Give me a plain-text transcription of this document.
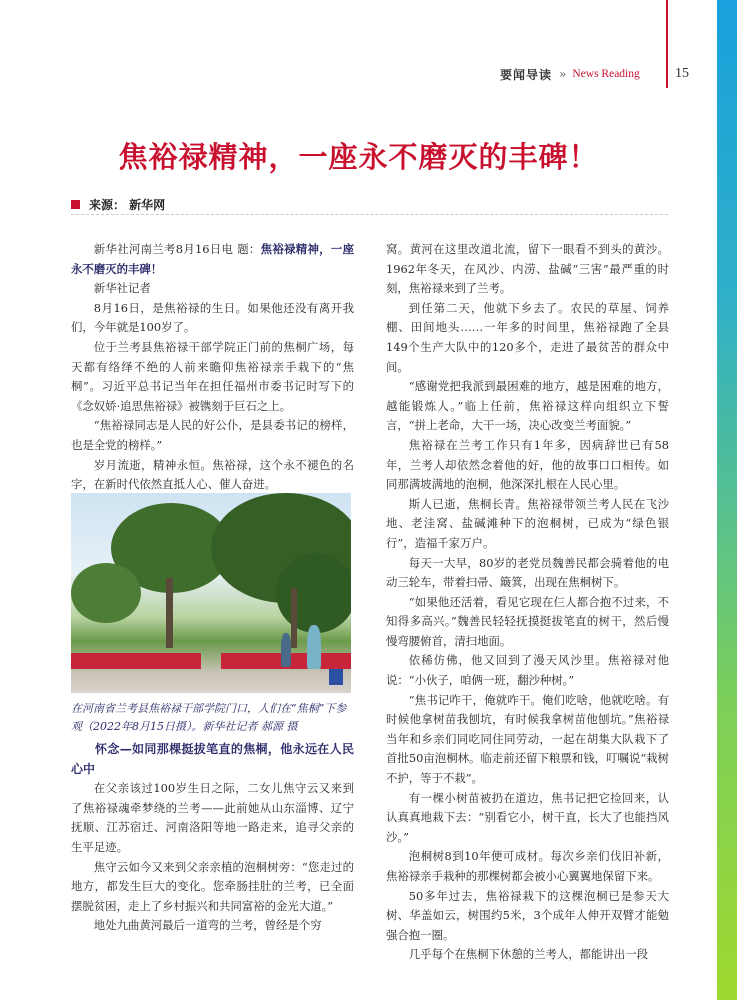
要闻导读 » News Reading	15
焦裕禄精神，一座永不磨灭的丰碑！
来源： 新华网

新华社河南兰考8月16日电 题：焦裕禄精神，一座永不磨灭的丰碑！

新华社记者

8月16日，是焦裕禄的生日。如果他还没有离开我们，今年就是100岁了。

位于兰考县焦裕禄干部学院正门前的焦桐广场，每天都有络绎不绝的人前来瞻仰焦裕禄亲手栽下的“焦桐”。习近平总书记当年在担任福州市委书记时写下的《念奴娇·追思焦裕禄》被镌刻于巨石之上。

“焦裕禄同志是人民的好公仆，是县委书记的榜样，也是全党的榜样。”

岁月流逝，精神永恒。焦裕禄，这个永不褪色的名字，在新时代依然直抵人心、催人奋进。

在河南省兰考县焦裕禄干部学院门口，人们在“焦桐”下参观（2022年8月15日摄）。新华社记者 郝源 摄

怀念—如同那棵挺拔笔直的焦桐，他永远在人民心中

在父亲该过100岁生日之际，二女儿焦守云又来到了焦裕禄魂牵梦绕的兰考——此前她从山东淄博、辽宁抚顺、江苏宿迁、河南洛阳等地一路走来，追寻父亲的生平足迹。

焦守云如今又来到父亲亲植的泡桐树旁：“您走过的地方，都发生巨大的变化。您牵肠挂肚的兰考，已全面摆脱贫困，走上了乡村振兴和共同富裕的金光大道。”

地处九曲黄河最后一道弯的兰考，曾经是个穷

窝。黄河在这里改道北流，留下一眼看不到头的黄沙。1962年冬天，在风沙、内涝、盐碱“三害”最严重的时刻，焦裕禄来到了兰考。

到任第二天，他就下乡去了。农民的草屋、饲养棚、田间地头……一年多的时间里，焦裕禄跑了全县149个生产大队中的120多个，走进了最贫苦的群众中间。

“感谢党把我派到最困难的地方，越是困难的地方，越能锻炼人。”临上任前，焦裕禄这样向组织立下誓言，“拼上老命，大干一场，决心改变兰考面貌。”

焦裕禄在兰考工作只有1年多，因病辞世已有58年，兰考人却依然念着他的好，他的故事口口相传。如同那满坡满地的泡桐，他深深扎根在人民心里。

斯人已逝，焦桐长青。焦裕禄带领兰考人民在飞沙地、老洼窝、盐碱滩种下的泡桐树，已成为“绿色银行”，造福千家万户。

每天一大早，80岁的老党员魏善民都会骑着他的电动三轮车，带着扫帚、簸箕，出现在焦桐树下。

“如果他还活着，看见它现在仨人都合抱不过来，不知得多高兴。”魏善民轻轻抚摸挺拔笔直的树干，然后慢慢弯腰俯首，清扫地面。

依稀仿佛，他又回到了漫天风沙里。焦裕禄对他说：“小伙子，咱俩一班，翻沙种树。”

“焦书记咋干，俺就咋干。俺们吃啥，他就吃啥。有时候他拿树苗我刨坑，有时候我拿树苗他刨坑。”焦裕禄当年和乡亲们同吃同住同劳动，一起在胡集大队栽下了首批50亩泡桐林。临走前还留下粮票和钱，叮嘱说“栽树不护，等于不栽”。

有一棵小树苗被扔在道边，焦书记把它捡回来，认认真真地栽下去：“别看它小，树干直，长大了也能挡风沙。”

泡桐树8到10年便可成材。每次乡亲们伐旧补新，焦裕禄亲手栽种的那棵树都会被小心翼翼地保留下来。

50多年过去，焦裕禄栽下的这棵泡桐已是参天大树、华盖如云，树围约5米，3个成年人伸开双臂才能勉强合抱一圈。

几乎每个在焦桐下休憩的兰考人，都能讲出一段
